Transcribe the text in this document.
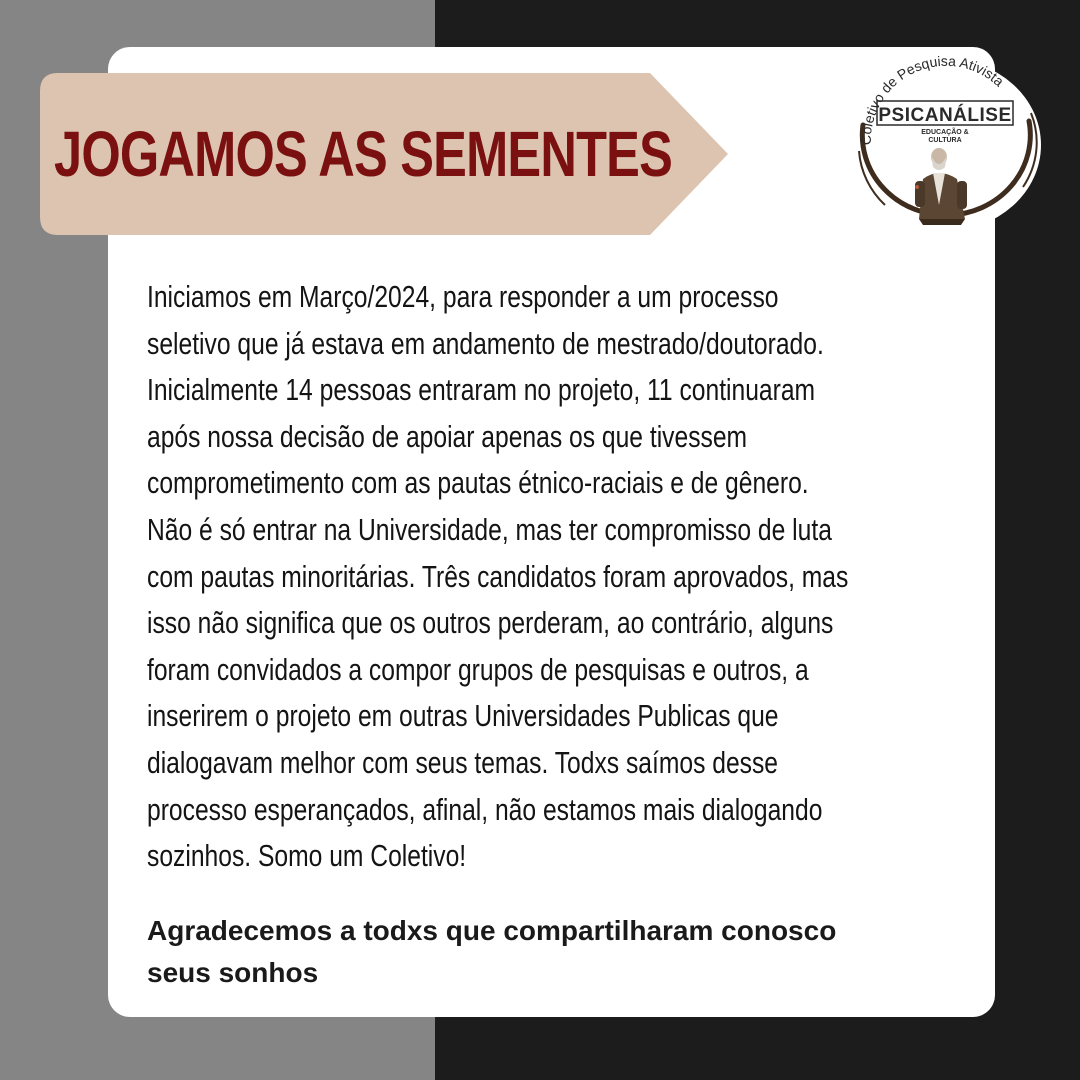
JOGAMOS AS SEMENTES	Coletivo de Pesquisa Ativista
PSICANÁLISE
EDUCAÇÃO &
CULTURA
Iniciamos em Março/2024, para responder a um processo
seletivo que já estava em andamento de mestrado/doutorado.
Inicialmente 14 pessoas entraram no projeto, 11 continuaram
após nossa decisão de apoiar apenas os que tivessem
comprometimento com as pautas étnico-raciais e de gênero.
Não é só entrar na Universidade, mas ter compromisso de luta
com pautas minoritárias. Três candidatos foram aprovados, mas
isso não significa que os outros perderam, ao contrário, alguns
foram convidados a compor grupos de pesquisas e outros, a
inserirem o projeto em outras Universidades Publicas que
dialogavam melhor com seus temas. Todxs saímos desse
processo esperançados, afinal, não estamos mais dialogando
sozinhos. Somo um Coletivo!
Agradecemos a todxs que compartilharam conosco
seus sonhos
